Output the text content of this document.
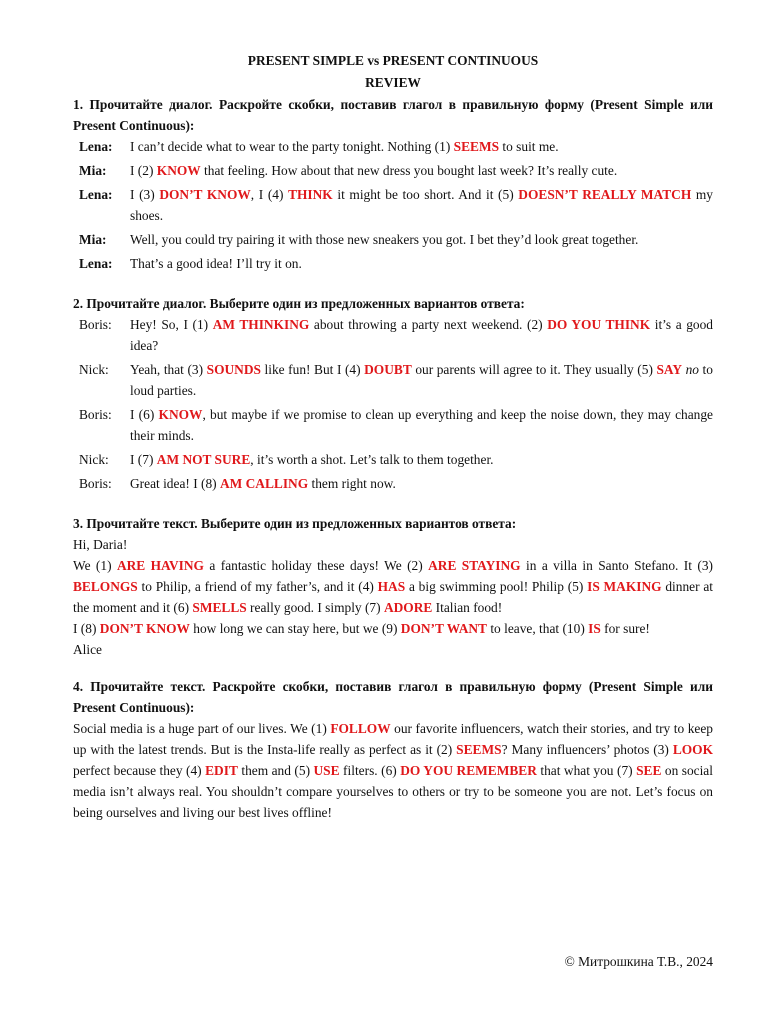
PRESENT SIMPLE vs PRESENT CONTINUOUS

REVIEW

1. Прочитайте диалог. Раскройте скобки, поставив глагол в правильную форму (Present Simple или Present Continuous):

Lena:	I can’t decide what to wear to the party tonight. Nothing (1) SEEMS to suit me.
Mia:	I (2) KNOW that feeling. How about that new dress you bought last week? It’s really cute.
Lena:	I (3) DON’T KNOW, I (4) THINK it might be too short. And it (5) DOESN’T REALLY MATCH my shoes.
Mia:	Well, you could try pairing it with those new sneakers you got. I bet they’d look great together.
Lena:	That’s a good idea! I’ll try it on.

2. Прочитайте диалог. Выберите один из предложенных вариантов ответа:

Boris:	Hey! So, I (1) AM THINKING about throwing a party next weekend. (2) DO YOU THINK it’s a good idea?
Nick:	Yeah, that (3) SOUNDS like fun! But I (4) DOUBT our parents will agree to it. They usually (5) SAY no to loud parties.
Boris:	I (6) KNOW, but maybe if we promise to clean up everything and keep the noise down, they may change their minds.
Nick:	I (7) AM NOT SURE, it’s worth a shot. Let’s talk to them together.
Boris:	Great idea! I (8) AM CALLING them right now.

3. Прочитайте текст. Выберите один из предложенных вариантов ответа:

Hi, Daria!

We (1) ARE HAVING a fantastic holiday these days! We (2) ARE STAYING in a villa in Santo Stefano. It (3) BELONGS to Philip, a friend of my father’s, and it (4) HAS a big swimming pool! Philip (5) IS MAKING dinner at the moment and it (6) SMELLS really good. I simply (7) ADORE Italian food!

I (8) DON’T KNOW how long we can stay here, but we (9) DON’T WANT to leave, that (10) IS for sure!

Alice

4. Прочитайте текст. Раскройте скобки, поставив глагол в правильную форму (Present Simple или Present Continuous):

Social media is a huge part of our lives. We (1) FOLLOW our favorite influencers, watch their stories, and try to keep up with the latest trends. But is the Insta-life really as perfect as it (2) SEEMS? Many influencers’ photos (3) LOOK perfect because they (4) EDIT them and (5) USE filters. (6) DO YOU REMEMBER that what you (7) SEE on social media isn’t always real. You shouldn’t compare yourselves to others or try to be someone you are not. Let’s focus on being ourselves and living our best lives offline!

© Митрошкина Т.В., 2024
